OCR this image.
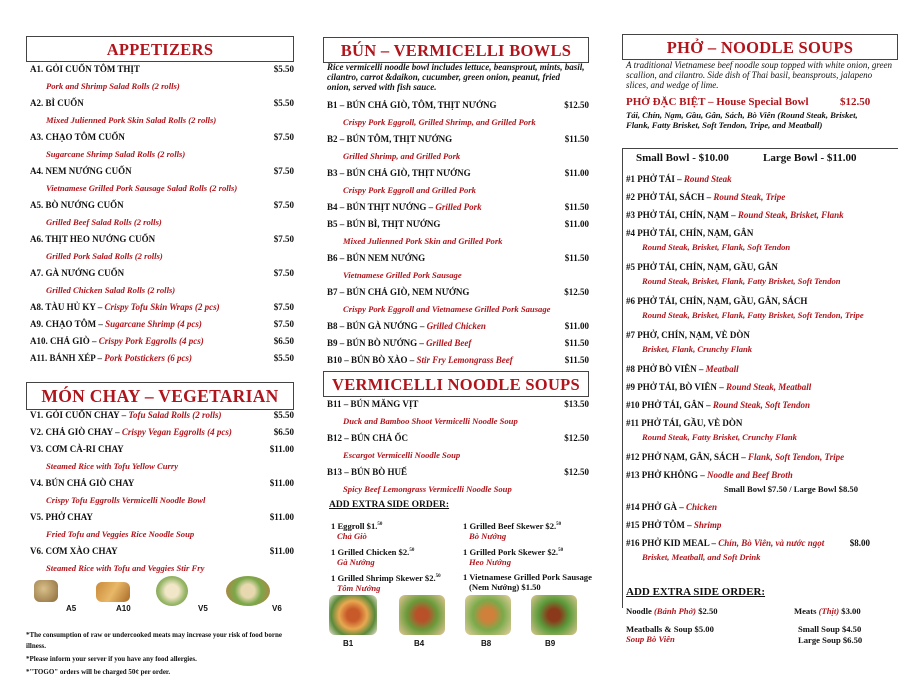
APPETIZERS
A1. GỎI CUỐN TÔM THỊT	$5.50
Pork and Shrimp Salad Rolls (2 rolls)
A2. BÌ CUỐN	$5.50
Mixed Julienned Pork Skin Salad Rolls (2 rolls)
A3. CHẠO TÔM CUỐN	$7.50
Sugarcane Shrimp Salad Rolls (2 rolls)
A4. NEM NƯỚNG CUỐN	$7.50
Vietnamese Grilled Pork Sausage Salad Rolls (2 rolls)
A5. BÒ NƯỚNG CUỐN	$7.50
Grilled Beef Salad Rolls (2 rolls)
A6. THỊT HEO NƯỚNG CUỐN	$7.50
Grilled Pork Salad Rolls (2 rolls)
A7. GÀ NƯỚNG CUỐN	$7.50
Grilled Chicken Salad Rolls (2 rolls)
A8. TÀU HỦ KY – Crispy Tofu Skin Wraps (2 pcs)	$7.50
A9. CHẠO TÔM – Sugarcane Shrimp (4 pcs)	$7.50
A10. CHẢ GIÒ – Crispy Pork Eggrolls (4 pcs)	$6.50
A11. BÁNH XÉP – Pork Potstickers (6 pcs)	$5.50
MÓN CHAY – VEGETARIAN
V1. GỎI CUỐN CHAY – Tofu Salad Rolls (2 rolls)	$5.50
V2. CHẢ GIÒ CHAY – Crispy Vegan Eggrolls (4 pcs)	$6.50
V3. CƠM CÀ-RI CHAY	$11.00
Steamed Rice with Tofu Yellow Curry
V4. BÚN CHẢ GIÒ CHAY	$11.00
Crispy Tofu Eggrolls Vermicelli Noodle Bowl
V5. PHỞ CHAY	$11.00
Fried Tofu and Veggies Rice Noodle Soup
V6. CƠM XÀO CHAY	$11.00
Steamed Rice with Tofu and Veggies Stir Fry
A5	A10	V5	V6
*The consumption of raw or undercooked meats may increase your risk of food borne illness.
*Please inform your server if you have any food allergies.
*"TOGO" orders will be charged 50¢ per order.
BÚN – VERMICELLI BOWLS
Rice vermicelli noodle bowl includes lettuce, beansprout, mints, basil, cilantro, carrot &daikon, cucumber, green onion, peanut, fried onion, served with fish sauce.
B1 – BÚN CHẢ GIÒ, TÔM, THỊT NƯỚNG	$12.50
Crispy Pork Eggroll, Grilled Shrimp, and Grilled Pork
B2 – BÚN TÔM, THỊT NƯỚNG	$11.50
Grilled Shrimp, and Grilled Pork
B3 – BÚN CHẢ GIÒ, THỊT NƯỚNG	$11.00
Crispy Pork Eggroll and Grilled Pork
B4 – BÚN THỊT NƯỚNG – Grilled Pork	$11.50
B5 – BÚN BÌ, THỊT NƯỚNG	$11.00
Mixed Julienned Pork Skin and Grilled Pork
B6 – BÚN NEM NƯỚNG	$11.50
Vietnamese Grilled Pork Sausage
B7 – BÚN CHẢ GIÒ, NEM NƯỚNG	$12.50
Crispy Pork Eggroll and Vietnamese Grilled Pork Sausage
B8 – BÚN GÀ NƯỚNG – Grilled Chicken	$11.00
B9 – BÚN BÒ NƯỚNG – Grilled Beef	$11.50
B10 – BÚN BÒ XÀO – Stir Fry Lemongrass Beef	$11.50
VERMICELLI NOODLE SOUPS
B11 – BÚN MĂNG VỊT	$13.50
Duck and Bamboo Shoot Vermicelli Noodle Soup
B12 – BÚN CHẢ ỐC	$12.50
Escargot Vermicelli Noodle Soup
B13 – BÚN BÒ HUẾ	$12.50
Spicy Beef Lemongrass Vermicelli Noodle Soup
ADD EXTRA SIDE ORDER:
1 Eggroll $1.50
Chả Giò
1 Grilled Beef Skewer $2.50
Bò Nướng
1 Grilled Chicken $2.50
Gà Nướng
1 Grilled Pork Skewer $2.50
Heo Nướng
1 Grilled Shrimp Skewer $2.50
Tôm Nướng
1 Vietnamese Grilled Pork Sausage
(Nem Nướng) $1.50
B1	B4	B8	B9
PHỞ – NOODLE SOUPS
A traditional Vietnamese beef noodle soup topped with white onion, green scallion, and cilantro. Side dish of Thai basil, beansprouts, jalapeno slices, and wedge of lime.
PHỞ ĐẶC BIỆT – House Special Bowl	$12.50
Tái, Chín, Nạm, Gầu, Gân, Sách, Bò Viên (Round Steak, Brisket, Flank, Fatty Brisket, Soft Tendon, Tripe, and Meatball)
Small Bowl - $10.00	Large Bowl - $11.00
#1 PHỞ TÁI – Round Steak
#2 PHỞ TÁI, SÁCH – Round Steak, Tripe
#3 PHỞ TÁI, CHÍN, NẠM – Round Steak, Brisket, Flank
#4 PHỞ TÁI, CHÍN, NẠM, GÂN
Round Steak, Brisket, Flank, Soft Tendon
#5 PHỞ TÁI, CHÍN, NẠM, GẦU, GÂN
Round Steak, Brisket, Flank, Fatty Brisket, Soft Tendon
#6 PHỞ TÁI, CHÍN, NẠM, GẦU, GÂN, SÁCH
Round Steak, Brisket, Flank, Fatty Brisket, Soft Tendon, Tripe
#7 PHỞ, CHÍN, NẠM, VÈ DÒN
Brisket, Flank, Crunchy Flank
#8 PHỞ BÒ VIÊN – Meatball
#9 PHỞ TÁI, BÒ VIÊN – Round Steak, Meatball
#10 PHỞ TÁI, GÂN – Round Steak, Soft Tendon
#11 PHỞ TÁI, GẦU, VÈ DÒN
Round Steak, Fatty Brisket, Crunchy Flank
#12 PHỞ NẠM, GÂN, SÁCH – Flank, Soft Tendon, Tripe
#13 PHỞ KHÔNG – Noodle and Beef Broth
Small Bowl $7.50 / Large Bowl $8.50
#14 PHỞ GÀ – Chicken
#15 PHỞ TÔM – Shrimp
#16 PHỞ KID MEAL – Chín, Bò Viên, và nước ngọt	$8.00
Brisket, Meatball, and Soft Drink
ADD EXTRA SIDE ORDER:
Noodle (Bánh Phở) $2.50	Meats (Thịt) $3.00
Meatballs & Soup $5.00
Soup Bò Viên
Small Soup $4.50
Large Soup $6.50
